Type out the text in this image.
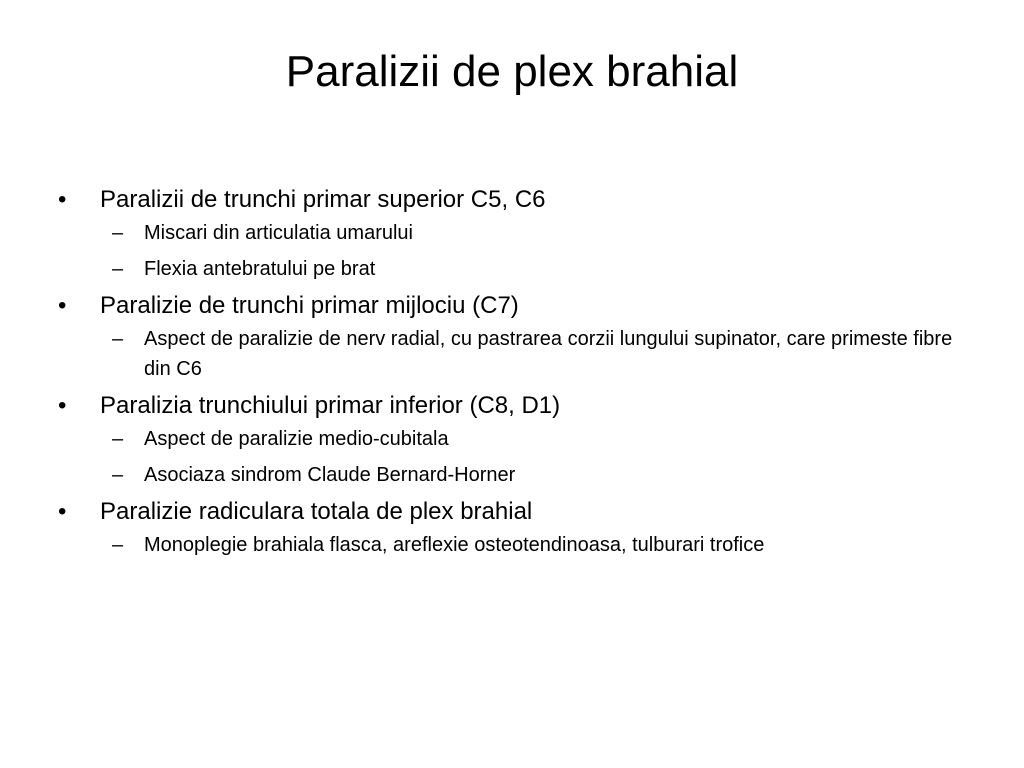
Paralizii de plex brahial
•	Paralizii de trunchi primar superior C5, C6
– Miscari din articulatia umarului
– Flexia antebratului pe brat
•	Paralizie de trunchi primar mijlociu (C7)
– Aspect de paralizie de nerv radial, cu pastrarea corzii lungului supinator, care primeste fibre din C6
•	Paralizia trunchiului primar inferior (C8, D1)
– Aspect de paralizie medio-cubitala
– Asociaza sindrom Claude Bernard-Horner
•	Paralizie radiculara totala de plex brahial
– Monoplegie brahiala flasca, areflexie osteotendinoasa, tulburari trofice
